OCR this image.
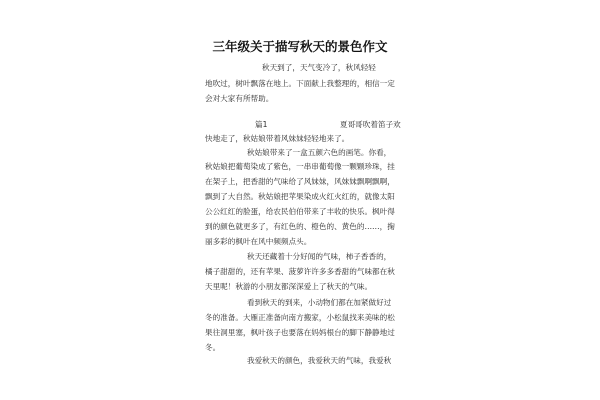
三年级关于描写秋天的景色作文
秋天到了，天气变冷了，秋风轻轻
地吹过，树叶飘落在地上。下面献上我整理的，相信一定
会对大家有所帮助。
篇1	夏哥哥吹着笛子欢
快地走了，秋姑娘带着风妹妹轻轻地来了。
秋姑娘带来了一盒五颜六色的画笔。你看，
秋姑娘把葡萄染成了紫色，一串串葡萄像一颗颗珍珠，挂
在架子上，把香甜的气味给了风妹妹，风妹妹飘啊飘啊，
飘到了大自然。秋姑娘把苹果染成火红火红的，就像太阳
公公红红的脸蛋，给农民伯伯带来了丰收的快乐。枫叶得
到的颜色就更多了，有红色的、橙色的、黄色的……，掬
丽多彩的枫叶在风中频频点头。
秋天还藏着十分好闻的气味，柿子香香的，
橘子甜甜的，还有苹果、菠萝许许多多香甜的气味都在秋
天里呢！秋游的小朋友都深深爱上了秋天的气味。
看到秋天的到来，小动物们都在加紧做好过
冬的准备。大雁正准备向南方搬家，小松鼠找来美味的松
果往洞里塞，枫叶孩子也要落在妈妈根台的脚下静静地过
冬。
我爱秋天的颜色，我爱秋天的气味，我爱秋
